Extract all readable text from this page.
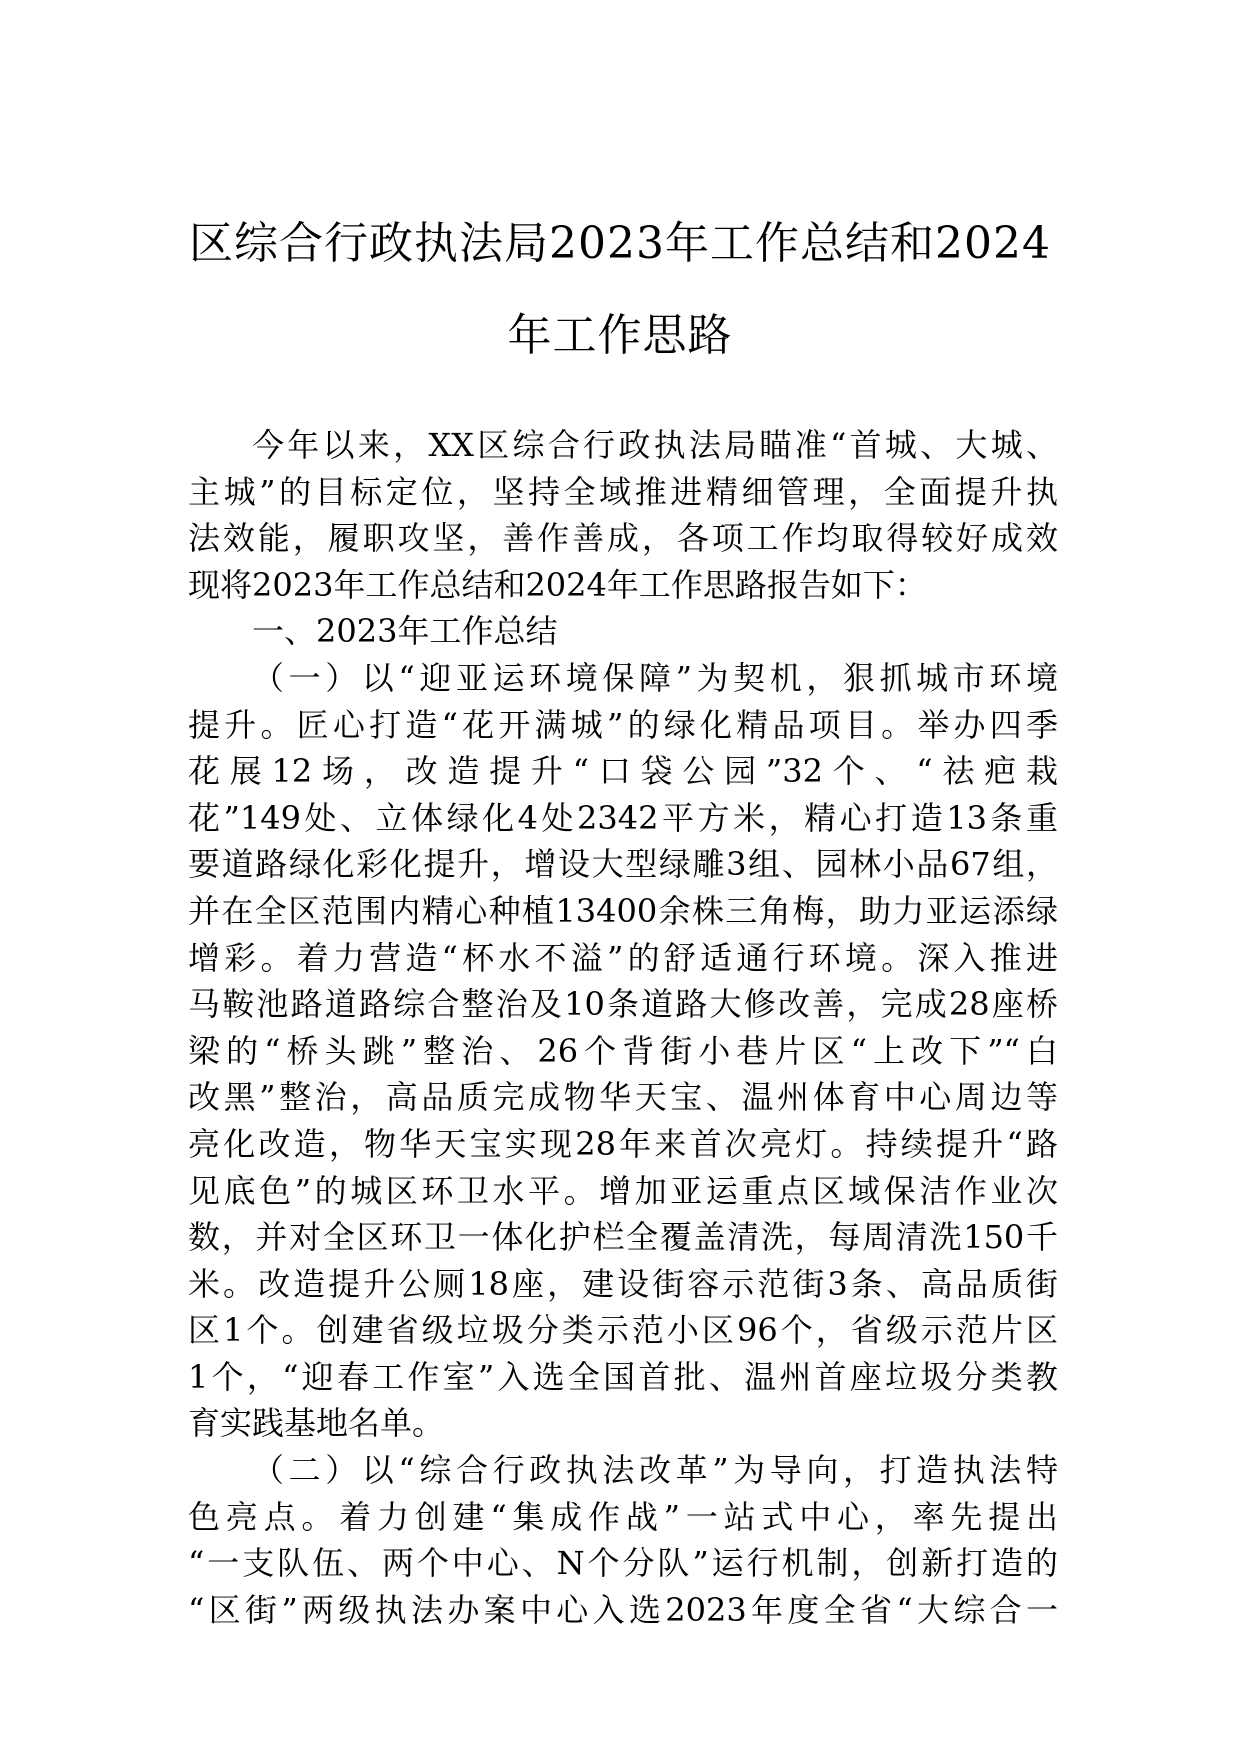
区综合行政执法局2023年工作总结和2024
年工作思路
今年以来，XX区综合行政执法局瞄准“首城、大城、
主城”的目标定位，坚持全域推进精细管理，全面提升执
法效能，履职攻坚，善作善成，各项工作均取得较好成效
现将2023年工作总结和2024年工作思路报告如下：
一、2023年工作总结
（一）以“迎亚运环境保障”为契机，狠抓城市环境
提升。匠心打造“花开满城”的绿化精品项目。举办四季
花展12场，改造提升“口袋公园”32个、“祛疤栽
花”149处、立体绿化4处2342平方米，精心打造13条重
要道路绿化彩化提升，增设大型绿雕3组、园林小品67组，
并在全区范围内精心种植13400余株三角梅，助力亚运添绿
增彩。着力营造“杯水不溢”的舒适通行环境。深入推进
马鞍池路道路综合整治及10条道路大修改善，完成28座桥
梁的“桥头跳”整治、26个背街小巷片区“上改下”“白
改黑”整治，高品质完成物华天宝、温州体育中心周边等
亮化改造，物华天宝实现28年来首次亮灯。持续提升“路
见底色”的城区环卫水平。增加亚运重点区域保洁作业次
数，并对全区环卫一体化护栏全覆盖清洗，每周清洗150千
米。改造提升公厕18座，建设街容示范街3条、高品质街
区1个。创建省级垃圾分类示范小区96个，省级示范片区
1个，“迎春工作室”入选全国首批、温州首座垃圾分类教
育实践基地名单。
（二）以“综合行政执法改革”为导向，打造执法特
色亮点。着力创建“集成作战”一站式中心，率先提出
“一支队伍、两个中心、N个分队”运行机制，创新打造的
“区街”两级执法办案中心入选2023年度全省“大综合一
